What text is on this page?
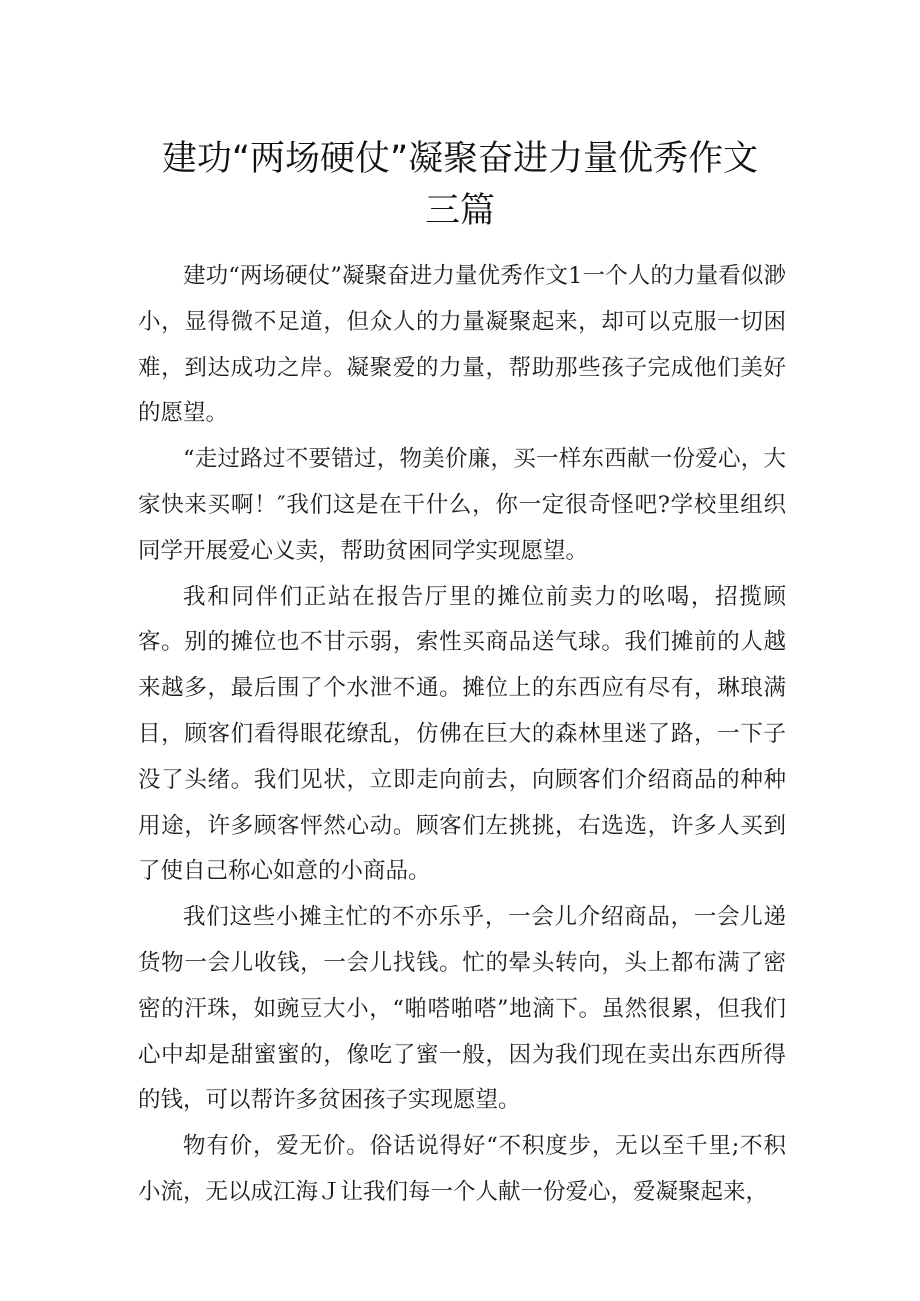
建功“两场硬仗”凝聚奋进力量优秀作文
三篇

建功“两场硬仗”凝聚奋进力量优秀作文1一个人的力量看似渺小，显得微不足道，但众人的力量凝聚起来，却可以克服一切困难，到达成功之岸。凝聚爱的力量，帮助那些孩子完成他们美好的愿望。

“走过路过不要错过，物美价廉，买一样东西献一份爱心，大家快来买啊！″我们这是在干什么，你一定很奇怪吧?学校里组织同学开展爱心义卖，帮助贫困同学实现愿望。

我和同伴们正站在报告厅里的摊位前卖力的吆喝，招揽顾客。别的摊位也不甘示弱，索性买商品送气球。我们摊前的人越来越多，最后围了个水泄不通。摊位上的东西应有尽有，琳琅满目，顾客们看得眼花缭乱，仿佛在巨大的森林里迷了路，一下子没了头绪。我们见状，立即走向前去，向顾客们介绍商品的种种用途，许多顾客怦然心动。顾客们左挑挑，右选选，许多人买到了使自己称心如意的小商品。

我们这些小摊主忙的不亦乐乎，一会儿介绍商品，一会儿递货物一会儿收钱，一会儿找钱。忙的晕头转向，头上都布满了密密的汗珠，如豌豆大小，“啪嗒啪嗒”地滴下。虽然很累，但我们心中却是甜蜜蜜的，像吃了蜜一般，因为我们现在卖出东西所得的钱，可以帮许多贫困孩子实现愿望。

物有价，爱无价。俗话说得好“不积度步，无以至千里;不积小流，无以成江海Ｊ让我们每一个人献一份爱心，爱凝聚起来，
